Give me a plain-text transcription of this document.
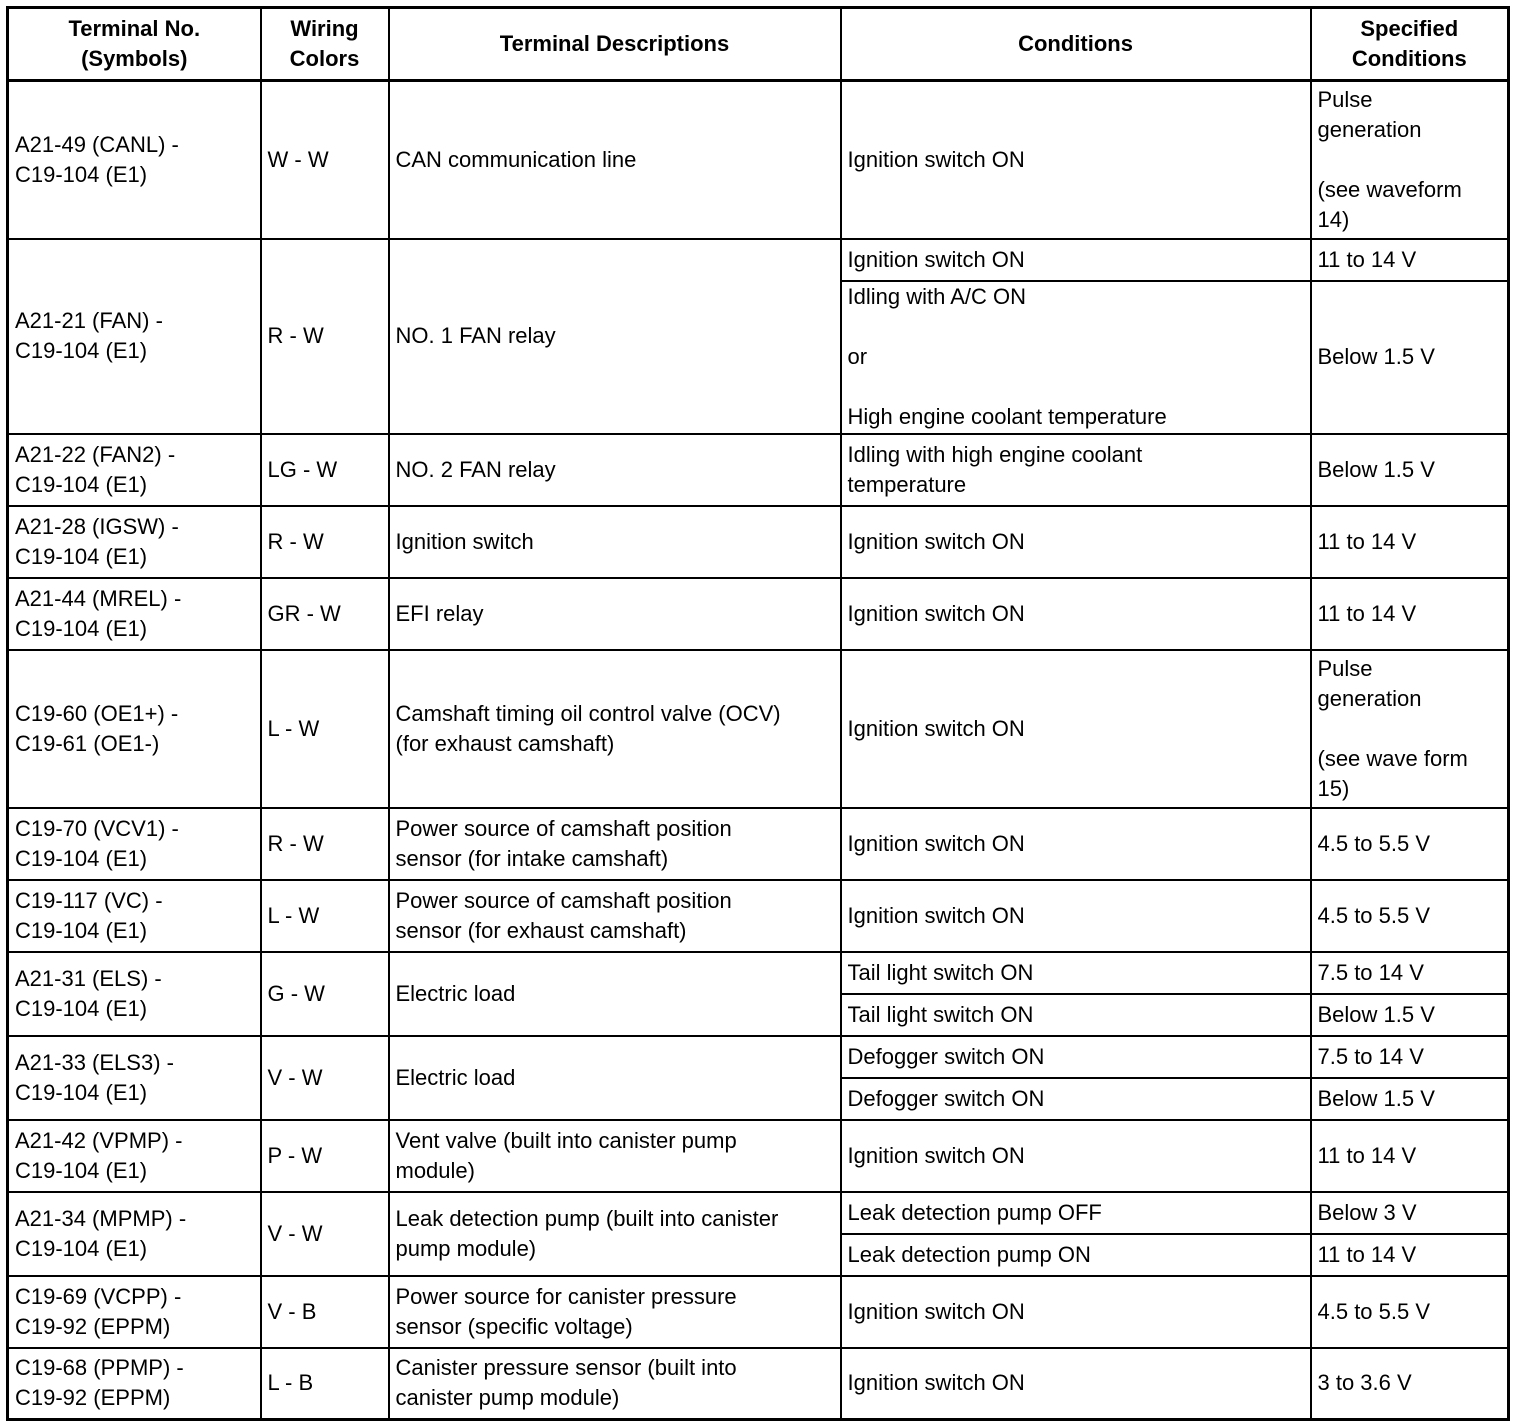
Terminal No.
(Symbols)	Wiring
Colors	Terminal Descriptions	Conditions	Specified
Conditions
A21-49 (CANL) -
C19-104 (E1)	W - W	CAN communication line	Ignition switch ON	Pulse
generation

(see waveform
14)
A21-21 (FAN) -
C19-104 (E1)	R - W	NO. 1 FAN relay	Ignition switch ON	11 to 14 V
			Idling with A/C ON

or

High engine coolant temperature	Below 1.5 V
A21-22 (FAN2) -
C19-104 (E1)	LG - W	NO. 2 FAN relay	Idling with high engine coolant
temperature	Below 1.5 V
A21-28 (IGSW) -
C19-104 (E1)	R - W	Ignition switch	Ignition switch ON	11 to 14 V
A21-44 (MREL) -
C19-104 (E1)	GR - W	EFI relay	Ignition switch ON	11 to 14 V
C19-60 (OE1+) -
C19-61 (OE1-)	L - W	Camshaft timing oil control valve (OCV)
(for exhaust camshaft)	Ignition switch ON	Pulse
generation

(see wave form
15)
C19-70 (VCV1) -
C19-104 (E1)	R - W	Power source of camshaft position
sensor (for intake camshaft)	Ignition switch ON	4.5 to 5.5 V
C19-117 (VC) -
C19-104 (E1)	L - W	Power source of camshaft position
sensor (for exhaust camshaft)	Ignition switch ON	4.5 to 5.5 V
A21-31 (ELS) -
C19-104 (E1)	G - W	Electric load	Tail light switch ON	7.5 to 14 V
			Tail light switch ON	Below 1.5 V
A21-33 (ELS3) -
C19-104 (E1)	V - W	Electric load	Defogger switch ON	7.5 to 14 V
			Defogger switch ON	Below 1.5 V
A21-42 (VPMP) -
C19-104 (E1)	P - W	Vent valve (built into canister pump
module)	Ignition switch ON	11 to 14 V
A21-34 (MPMP) -
C19-104 (E1)	V - W	Leak detection pump (built into canister
pump module)	Leak detection pump OFF	Below 3 V
			Leak detection pump ON	11 to 14 V
C19-69 (VCPP) -
C19-92 (EPPM)	V - B	Power source for canister pressure
sensor (specific voltage)	Ignition switch ON	4.5 to 5.5 V
C19-68 (PPMP) -
C19-92 (EPPM)	L - B	Canister pressure sensor (built into
canister pump module)	Ignition switch ON	3 to 3.6 V
